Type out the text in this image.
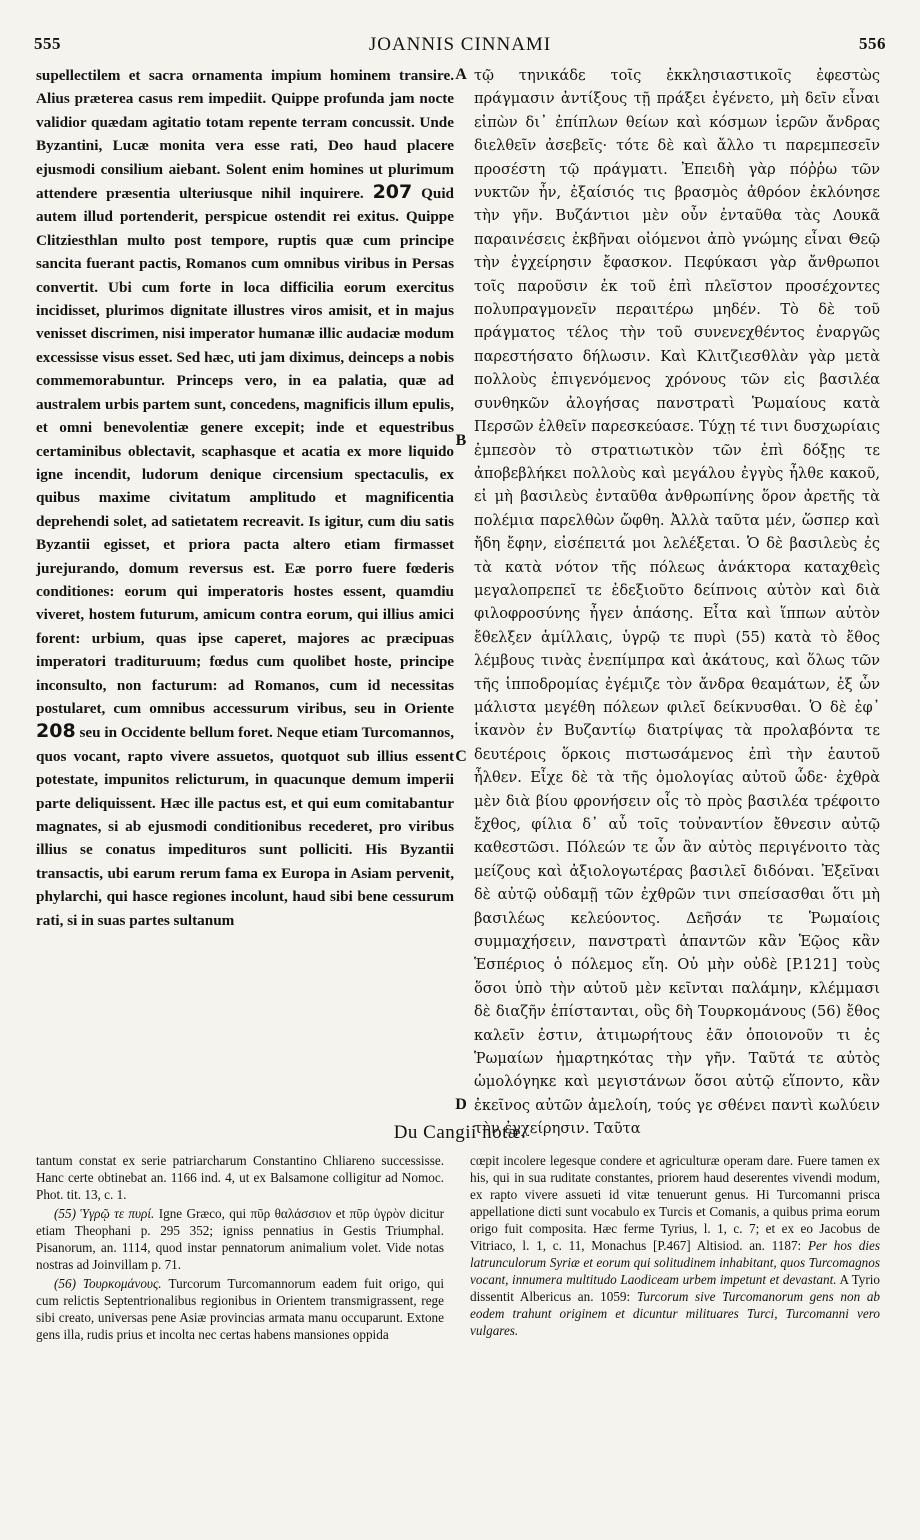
555	JOANNIS CINNAMI	556

supellectilem et sacra ornamenta impium hominem transire. Alius præterea casus rem impediit. Quippe profunda jam nocte validior quædam agitatio totam repente terram concussit. Unde Byzantini, Lucæ monita vera esse rati, Deo haud placere ejusmodi consilium aiebant. Solent enim homines ut plurimum attendere præsentia ulteriusque nihil inquirere. 207 Quid autem illud portenderit, perspicue ostendit rei exitus. Quippe Clitziesthlan multo post tempore, ruptis quæ cum principe sancita fuerant pactis, Romanos cum omnibus viribus in Persas convertit. Ubi cum forte in loca difficilia eorum exercitus incidisset, plurimos dignitate illustres viros amisit, et in majus venisset discrimen, nisi imperator humanæ illic audaciæ modum excessisse visus esset. Sed hæc, uti jam diximus, deinceps a nobis commemorabuntur. Princeps vero, in ea palatia, quæ ad australem urbis partem sunt, concedens, magnificis illum epulis, et omni benevolentiæ genere excepit; inde et equestribus certaminibus oblectavit, scaphasque et acatia ex more liquido igne incendit, ludorum denique circensium spectaculis, ex quibus maxime civitatum amplitudo et magnificentia deprehendi solet, ad satietatem recreavit. Is igitur, cum diu satis Byzantii egisset, et priora pacta altero etiam firmasset jurejurando, domum reversus est. Eæ porro fuere fœderis conditiones: eorum qui imperatoris hostes essent, quamdiu viveret, hostem futurum, amicum contra eorum, qui illius amici forent: urbium, quas ipse caperet, majores ac præcipuas imperatori tradituruum; fœdus cum quolibet hoste, principe inconsulto, non facturum: ad Romanos, cum id necessitas postularet, cum omnibus accessurum viribus, seu in Oriente 208 seu in Occidente bellum foret. Neque etiam Turcomannos, quos vocant, rapto vivere assuetos, quotquot sub illius essent potestate, impunitos relicturum, in quacunque demum imperii parte deliquissent. Hæc ille pactus est, et qui eum comitabantur magnates, si ab ejusmodi conditionibus recederet, pro viribus illius se conatus impedituros sunt polliciti. His Byzantii transactis, ubi earum rerum fama ex Europa in Asiam pervenit, phylarchi, qui hasce regiones incolunt, haud sibi bene cessurum rati, si in suas partes sultanum

A
B
C
D

τῷ τηνικάδε τοῖς ἐκκλησιαστικοῖς ἐφεστὼς πράγμασιν ἀντίξους τῇ πράξει ἐγένετο, μὴ δεῖν εἶναι εἰπὼν δι᾽ ἐπίπλων θείων καὶ κόσμων ἱερῶν ἄνδρας διελθεῖν ἀσεβεῖς· τότε δὲ καὶ ἄλλο τι παρεμπεσεῖν προσέστη τῷ πράγματι. Ἐπειδὴ γὰρ πόῤῥω τῶν νυκτῶν ἦν, ἐξαίσιός τις βρασμὸς ἀθρόον ἐκλόνησε τὴν γῆν. Βυζάντιοι μὲν οὖν ἐνταῦθα τὰς Λουκᾶ παραινέσεις ἐκβῆναι οἰόμενοι ἀπὸ γνώμης εἶναι Θεῷ τὴν ἐγχείρησιν ἔφασκον. Πεφύκασι γὰρ ἄνθρωποι τοῖς παροῦσιν ἐκ τοῦ ἐπὶ πλεῖστον προσέχοντες πολυπραγμονεῖν περαιτέρω μηδέν. Τὸ δὲ τοῦ πράγματος τέλος τὴν τοῦ συνενεχθέντος ἐναργῶς παρεστήσατο δήλωσιν. Καὶ Κλιτζιεσθλὰν γὰρ μετὰ πολλοὺς ἐπιγενόμενος χρόνους τῶν εἰς βασιλέα συνθηκῶν ἀλογήσας πανστρατὶ Ῥωμαίους κατὰ Περσῶν ἐλθεῖν παρεσκεύασε. Τύχῃ τέ τινι δυσχωρίαις ἐμπεσὸν τὸ στρατιωτικὸν τῶν ἐπὶ δόξῃς τε ἀποβεβλήκει πολλοὺς καὶ μεγάλου ἐγγὺς ἦλθε κακοῦ, εἰ μὴ βασιλεὺς ἐνταῦθα ἀνθρωπίνης ὅρον ἀρετῆς τὰ πολέμια παρελθὼν ὤφθη. Ἀλλὰ ταῦτα μέν, ὥσπερ καὶ ἤδη ἔφην, εἰσέπειτά μοι λελέξεται. Ὁ δὲ βασιλεὺς ἐς τὰ κατὰ νότον τῆς πόλεως ἀνάκτορα καταχθεὶς μεγαλοπρεπεῖ τε ἐδεξιοῦτο δείπνοις αὐτὸν καὶ διὰ φιλοφροσύνης ἦγεν ἁπάσης. Εἶτα καὶ ἵππων αὐτὸν ἔθελξεν ἁμίλλαις, ὑγρῷ τε πυρὶ (55) κατὰ τὸ ἔθος λέμβους τινὰς ἐνεπίμπρα καὶ ἀκάτους, καὶ ὅλως τῶν τῆς ἱπποδρομίας ἐγέμιζε τὸν ἄνδρα θεαμάτων, ἐξ ὧν μάλιστα μεγέθη πόλεων φιλεῖ δείκνυσθαι. Ὁ δὲ ἐφ᾽ ἱκανὸν ἐν Βυζαντίῳ διατρίψας τὰ προλαβόντα τε δευτέροις ὅρκοις πιστωσάμενος ἐπὶ τὴν ἑαυτοῦ ἦλθεν. Εἶχε δὲ τὰ τῆς ὁμολογίας αὐτοῦ ὧδε· ἐχθρὰ μὲν διὰ βίου φρονήσειν οἷς τὸ πρὸς βασιλέα τρέφοιτο ἔχθος, φίλια δ᾽ αὖ τοῖς τοὐναντίον ἔθνεσιν αὐτῷ καθεστῶσι. Πόλεών τε ὧν ἂν αὐτὸς περιγένοιτο τὰς μείζους καὶ ἀξιολογωτέρας βασιλεῖ διδόναι. Ἐξεῖναι δὲ αὐτῷ οὐδαμῇ τῶν ἐχθρῶν τινι σπείσασθαι ὅτι μὴ βασιλέως κελεύοντος. Δεῆσάν τε Ῥωμαίοις συμμαχήσειν, πανστρατὶ ἀπαντῶν κἂν Ἑῷος κἂν Ἑσπέριος ὁ πόλεμος εἴη. Οὐ μὴν οὐδὲ [P.121] τοὺς ὅσοι ὑπὸ τὴν αὐτοῦ μὲν κεῖνται παλάμην, κλέμμασι δὲ διαζῆν ἐπίστανται, οὓς δὴ Τουρκομάνους (56) ἔθος καλεῖν ἐστιν, ἀτιμωρήτους ἐᾶν ὁποιονοῦν τι ἐς Ῥωμαίων ἡμαρτηκότας τὴν γῆν. Ταῦτά τε αὐτὸς ὡμολόγηκε καὶ μεγιστάνων ὅσοι αὐτῷ εἵποντο, κἂν ἐκεῖνος αὐτῶν ἀμελοίη, τούς γε σθένει παντὶ κωλύειν τὴν ἐγχείρησιν. Ταῦτα

Du Cangii notæ.

tantum constat ex serie patriarcharum Constantino Chliareno successisse. Hanc certe obtinebat an. 1166 ind. 4, ut ex Balsamone colligitur ad Nomoc. Phot. tit. 13, c. 1.

(55) Ὑγρῷ τε πυρί. Igne Græco, qui πῦρ θαλάσσιον et πῦρ ὑγρὸν dicitur etiam Theophani p. 295 352; igniss pennatius in Gestis Triumphal. Pisanorum, an. 1114, quod instar pennatorum animalium volet. Vide notas nostras ad Joinvillam p. 71.

(56) Τουρκομάνους. Turcorum Turcomannorum eadem fuit origo, qui cum relictis Septentrionalibus regionibus in Orientem transmigrassent, rege sibi creato, universas pene Asiæ provincias armata manu occuparunt. Extone gens illa, rudis prius et incolta nec certas habens mansiones oppida

cœpit incolere legesque condere et agriculturæ operam dare. Fuere tamen ex his, qui in sua ruditate constantes, priorem haud deserentes vivendi modum, ex rapto vivere assueti id vitæ tenuerunt genus. Hi Turcomanni prisca appellatione dicti sunt vocabulo ex Turcis et Comanis, a quibus prima eorum origo fuit composita. Hæc ferme Tyrius, l. 1, c. 7; et ex eo Jacobus de Vitriaco, l. 1, c. 11, Monachus [P.467] Altisiod. an. 1187: Per hos dies latrunculorum Syriæ et eorum qui solitudinem inhabitant, quos Turcomagnos vocant, innumera multitudo Laodiceam urbem impetunt et devastant. A Tyrio dissentit Albericus an. 1059: Turcorum sive Turcomanorum gens non ab eodem trahunt originem et dicuntur milituares Turci, Turcomanni vero vulgares.
